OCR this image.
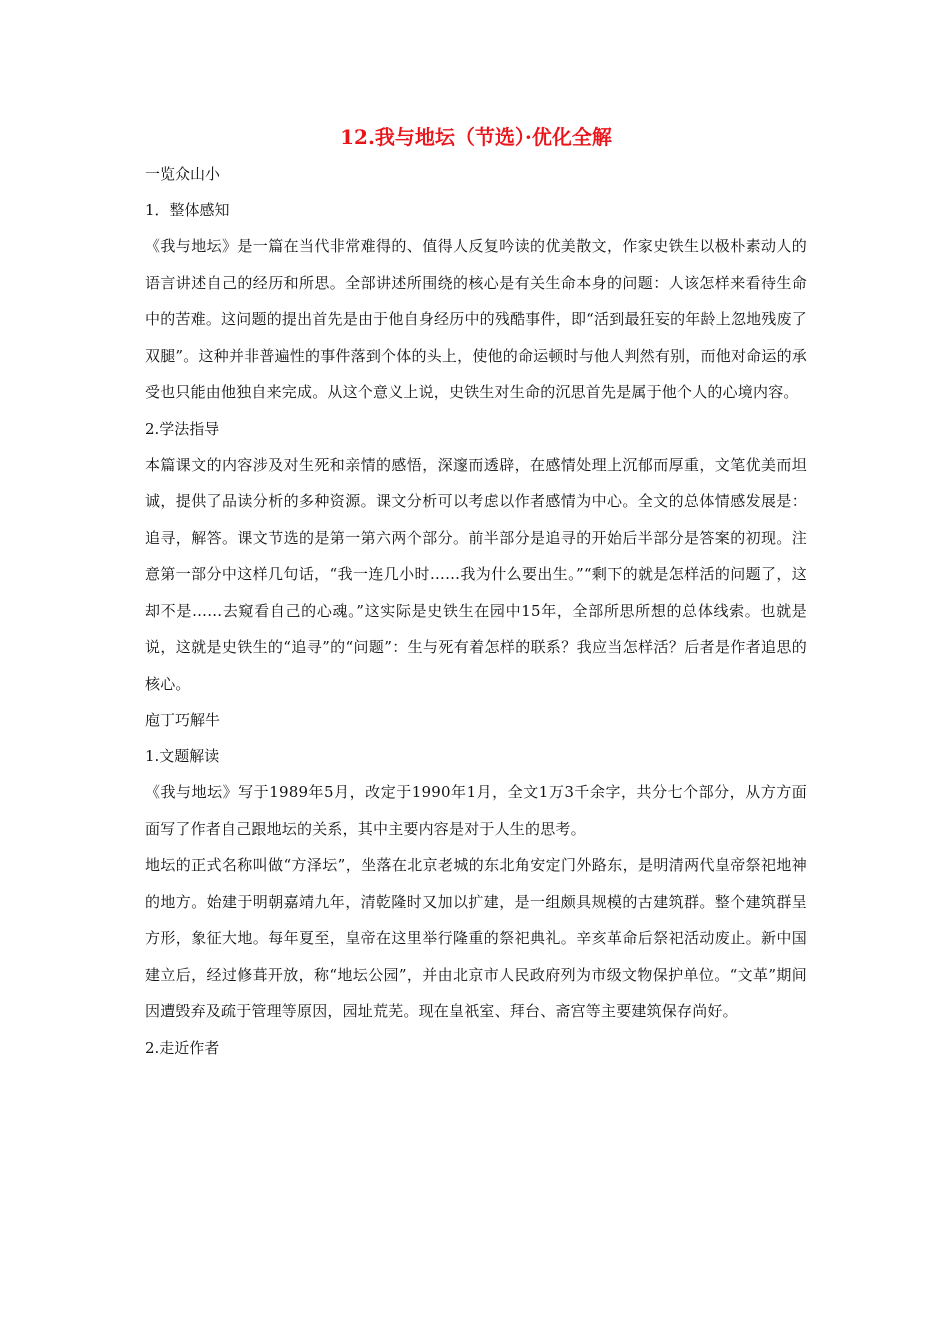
12.我与地坛（节选）·优化全解
一览众山小
1．整体感知

《我与地坛》是一篇在当代非常难得的、值得人反复吟读的优美散文，作家史铁生以极朴素动人的语言讲述自己的经历和所思。全部讲述所围绕的核心是有关生命本身的问题：人该怎样来看待生命中的苦难。这问题的提出首先是由于他自身经历中的残酷事件，即“活到最狂妄的年龄上忽地残废了双腿”。这种并非普遍性的事件落到个体的头上，使他的命运顿时与他人判然有别，而他对命运的承受也只能由他独自来完成。从这个意义上说，史铁生对生命的沉思首先是属于他个人的心境内容。

2.学法指导

本篇课文的内容涉及对生死和亲情的感悟，深邃而透辟，在感情处理上沉郁而厚重，文笔优美而坦诚，提供了品读分析的多种资源。课文分析可以考虑以作者感情为中心。全文的总体情感发展是：追寻，解答。课文节选的是第一第六两个部分。前半部分是追寻的开始后半部分是答案的初现。注意第一部分中这样几句话，“我一连几小时……我为什么要出生。”“剩下的就是怎样活的问题了，这却不是……去窥看自己的心魂。”这实际是史铁生在园中15年，全部所思所想的总体线索。也就是说，这就是史铁生的“追寻”的“问题”：生与死有着怎样的联系？我应当怎样活？后者是作者追思的核心。

庖丁巧解牛
1.文题解读

《我与地坛》写于1989年5月，改定于1990年1月，全文1万3千余字，共分七个部分，从方方面面写了作者自己跟地坛的关系，其中主要内容是对于人生的思考。

地坛的正式名称叫做“方泽坛”，坐落在北京老城的东北角安定门外路东，是明清两代皇帝祭祀地神的地方。始建于明朝嘉靖九年，清乾隆时又加以扩建，是一组颇具规模的古建筑群。整个建筑群呈方形，象征大地。每年夏至，皇帝在这里举行隆重的祭祀典礼。辛亥革命后祭祀活动废止。新中国建立后，经过修葺开放，称“地坛公园”，并由北京市人民政府列为市级文物保护单位。“文革”期间因遭毁弃及疏于管理等原因，园址荒芜。现在皇祇室、拜台、斋宫等主要建筑保存尚好。

2.走近作者
